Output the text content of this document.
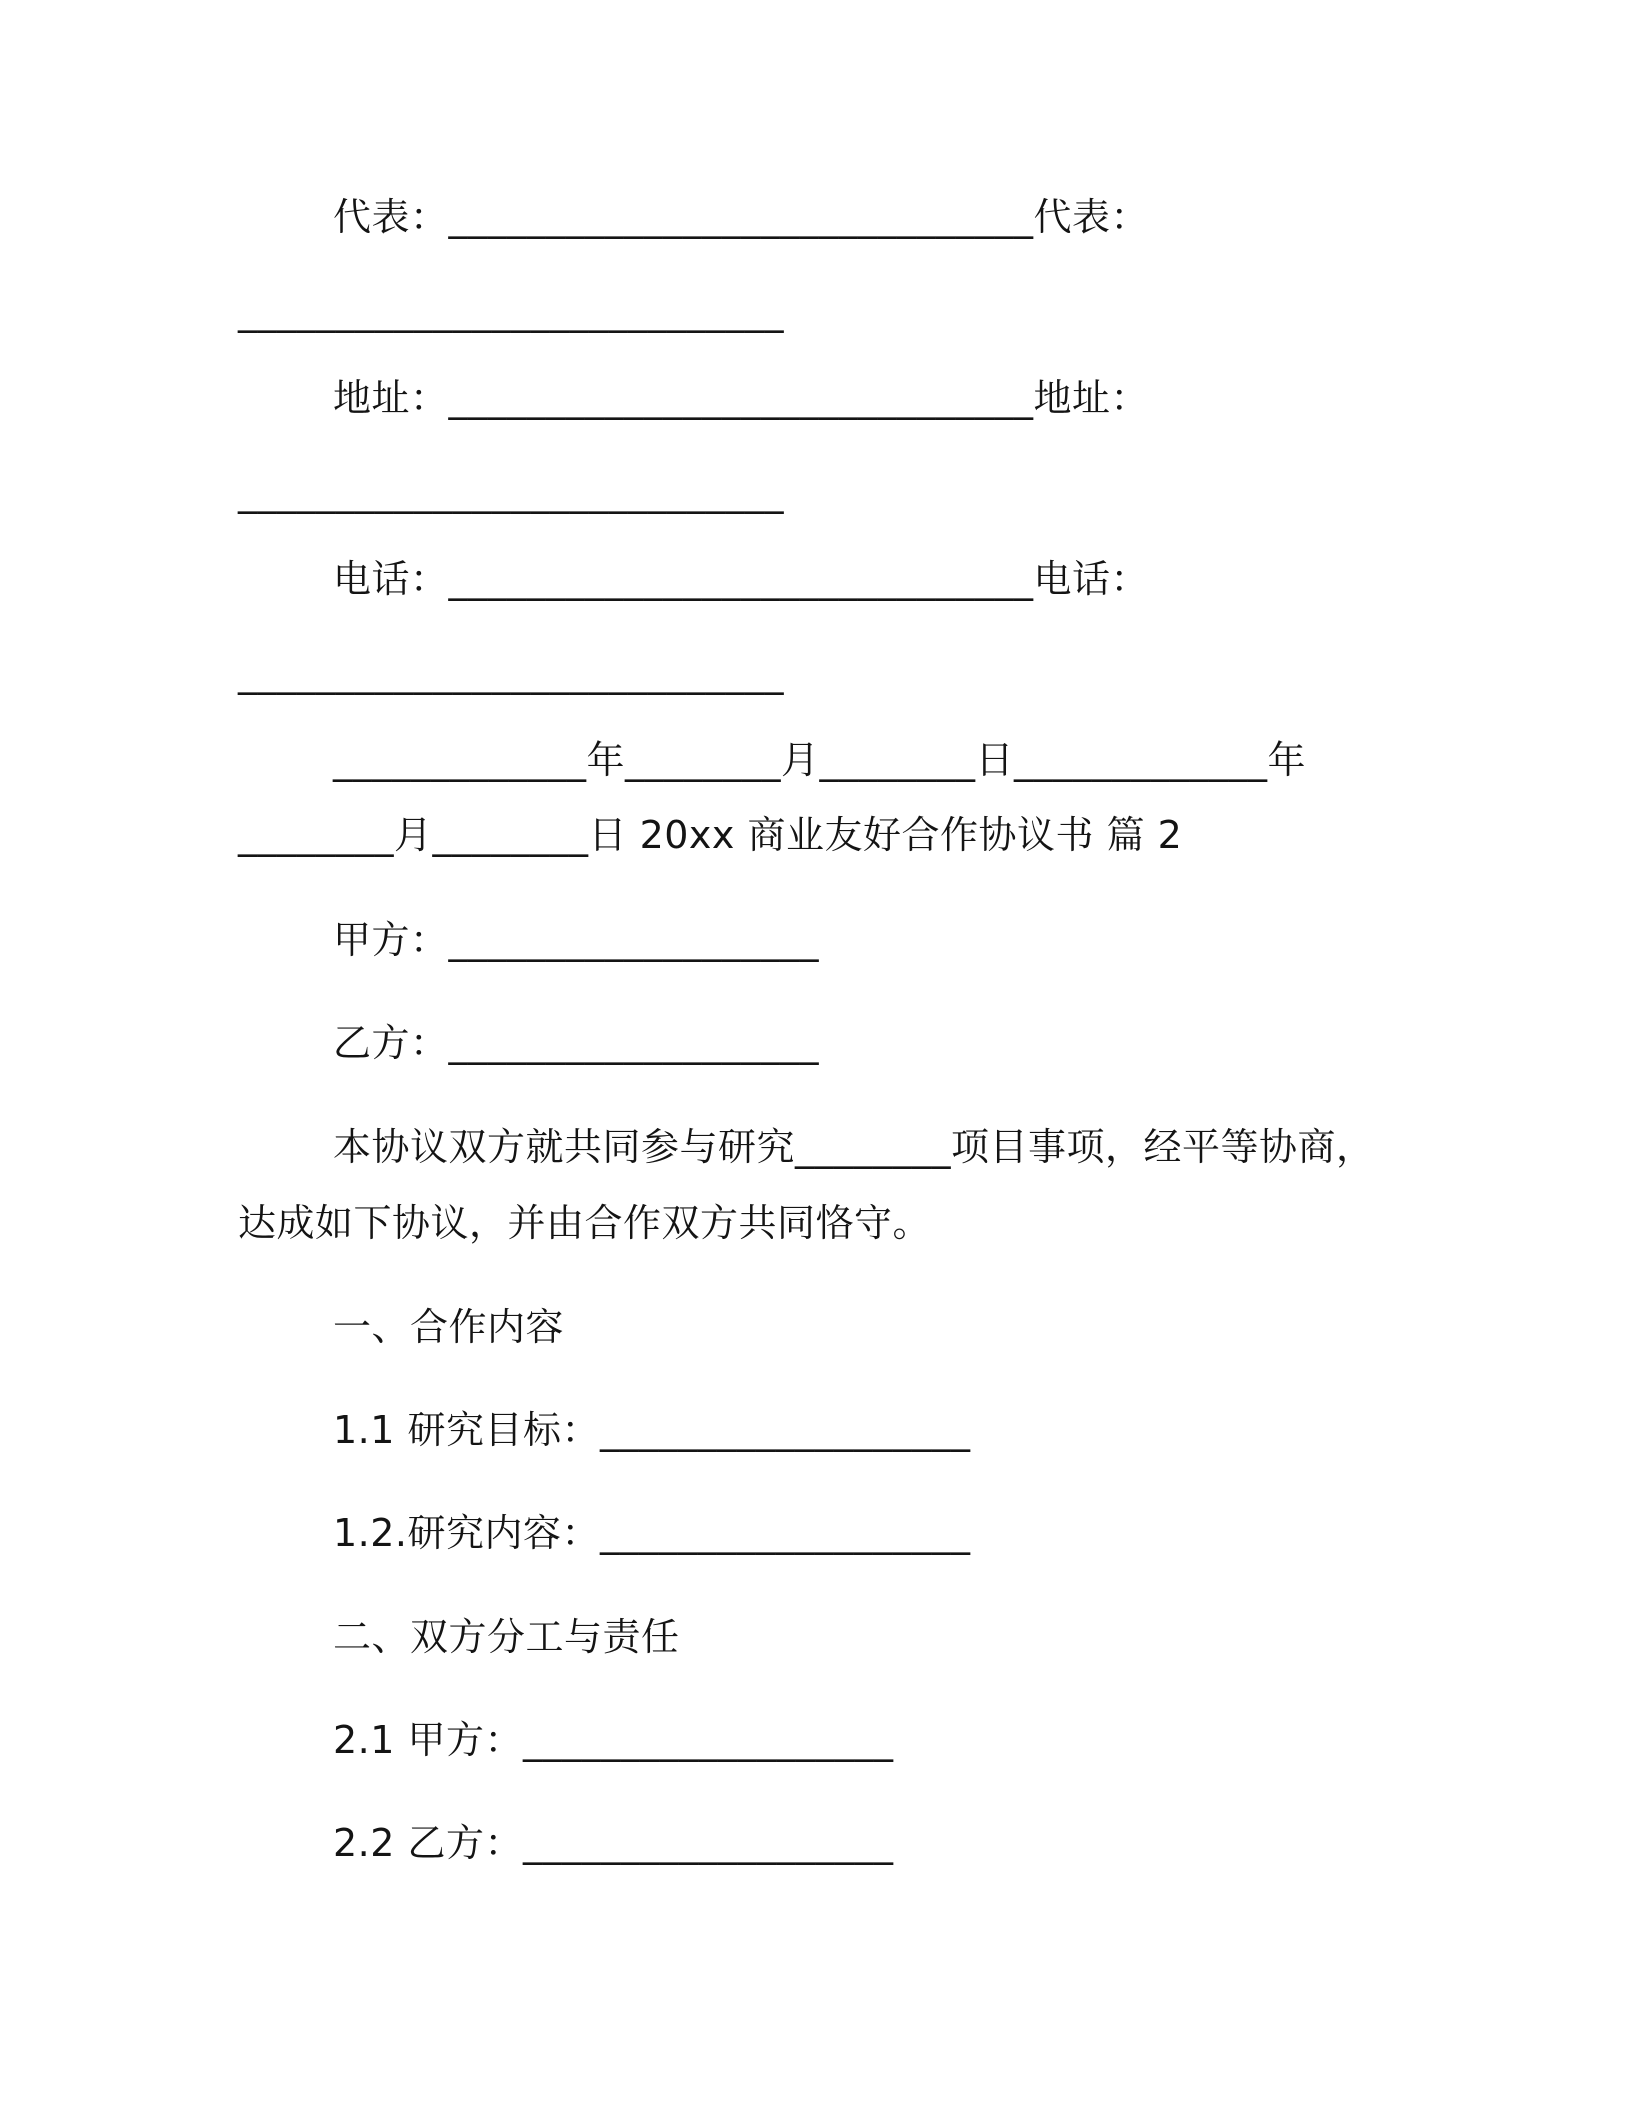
代表：______________________________代表：
____________________________
地址：______________________________地址：
____________________________
电话：______________________________电话：
____________________________
_____________年________月________日_____________年
________月________日 20xx 商业友好合作协议书 篇 2
甲方：___________________
乙方：___________________
本协议双方就共同参与研究________项目事项，经平等协商，
达成如下协议，并由合作双方共同恪守。
一、合作内容
1.1 研究目标：___________________
1.2.研究内容：___________________
二、双方分工与责任
2.1 甲方：___________________
2.2 乙方：___________________
